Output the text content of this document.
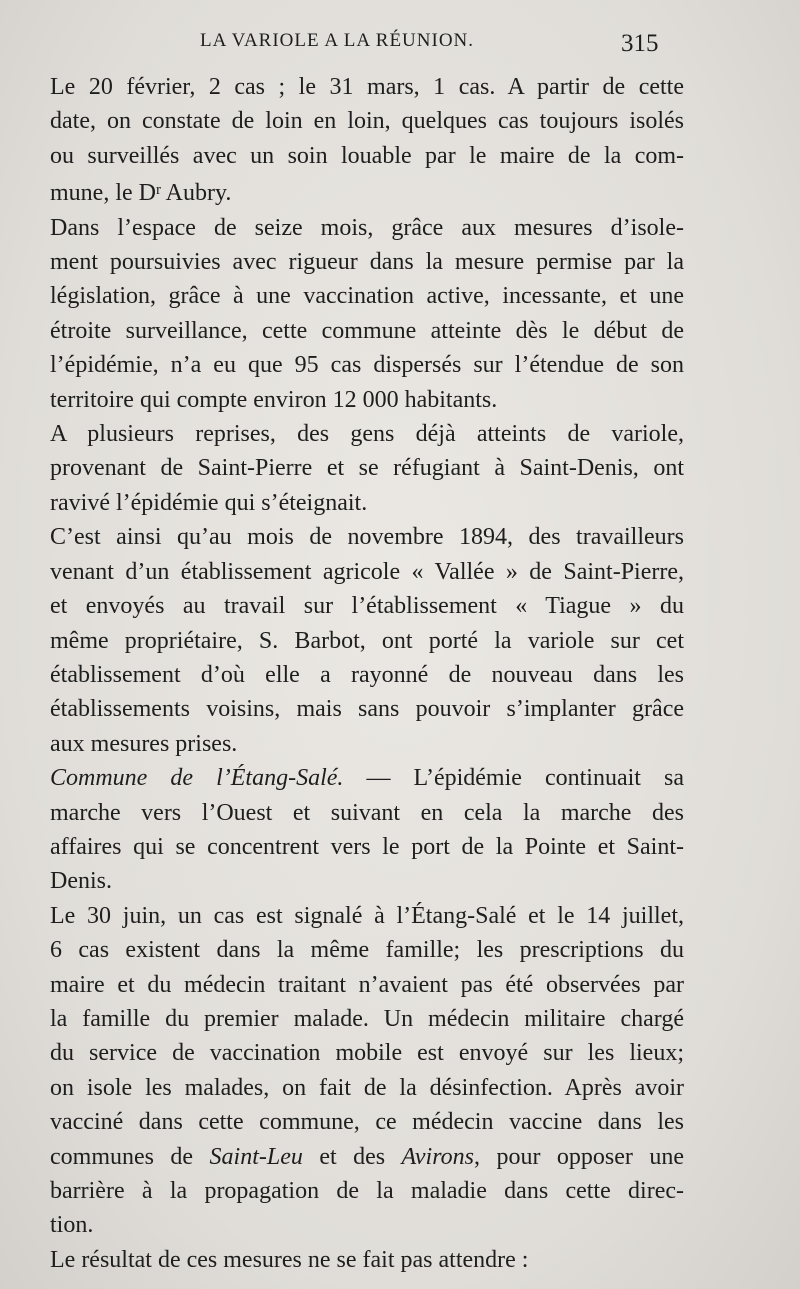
LA VARIOLE A LA RÉUNION.	315

Le 20 février, 2 cas ; le 31 mars, 1 cas. A partir de cette
date, on constate de loin en loin, quelques cas toujours isolés
ou surveillés avec un soin louable par le maire de la com-
mune, le $D^r$ Aubry.

Dans l’espace de seize mois, grâce aux mesures d’isole-
ment poursuivies avec rigueur dans la mesure permise par la
législation, grâce à une vaccination active, incessante, et une
étroite surveillance, cette commune atteinte dès le début de
l’épidémie, n’a eu que 95 cas dispersés sur l’étendue de son
territoire qui compte environ 12 000 habitants.

A plusieurs reprises, des gens déjà atteints de variole,
provenant de Saint-Pierre et se réfugiant à Saint-Denis, ont
ravivé l’épidémie qui s’éteignait.

C’est ainsi qu’au mois de novembre 1894, des travailleurs
venant d’un établissement agricole « Vallée » de Saint-Pierre,
et envoyés au travail sur l’établissement « Tiague » du
même propriétaire, S. Barbot, ont porté la variole sur cet
établissement d’où elle a rayonné de nouveau dans les
établissements voisins, mais sans pouvoir s’implanter grâce
aux mesures prises.

Commune de l’Étang-Salé. — L’épidémie continuait sa
marche vers l’Ouest et suivant en cela la marche des
affaires qui se concentrent vers le port de la Pointe et Saint-
Denis.

Le 30 juin, un cas est signalé à l’Étang-Salé et le 14 juillet,
6 cas existent dans la même famille; les prescriptions du
maire et du médecin traitant n’avaient pas été observées par
la famille du premier malade. Un médecin militaire chargé
du service de vaccination mobile est envoyé sur les lieux;
on isole les malades, on fait de la désinfection. Après avoir
vacciné dans cette commune, ce médecin vaccine dans les
communes de Saint-Leu et des Avirons, pour opposer une
barrière à la propagation de la maladie dans cette direc-
tion.

Le résultat de ces mesures ne se fait pas attendre :
